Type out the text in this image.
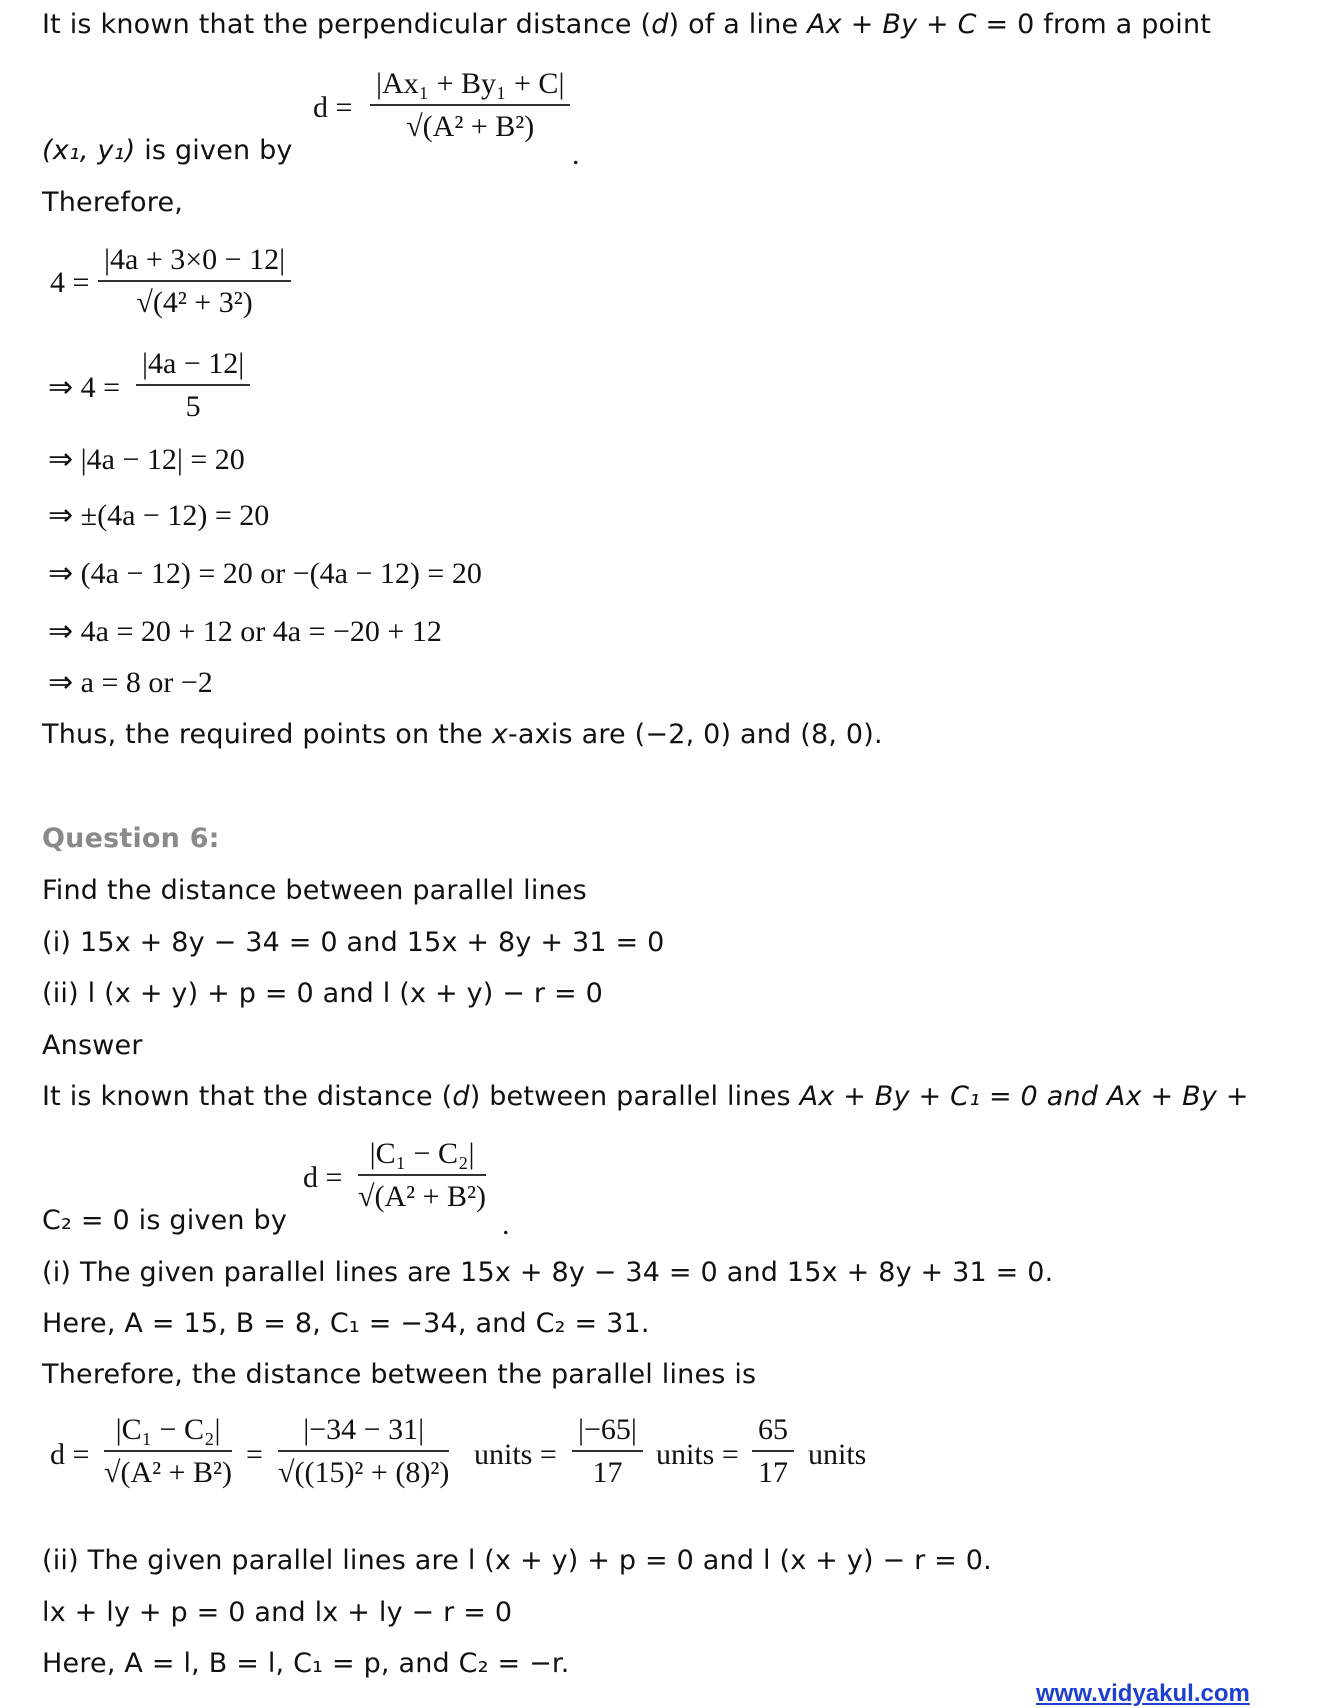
It is known that the perpendicular distance (d) of a line Ax + By + C = 0 from a point
$d = \frac{\text{|Ax₁ + By₁ + C|}}{\text{√(A² + B²)}}$
.
(x₁, y₁) is given by
Therefore,
$4 = \frac{|4a + 3\times 0 - 12|}{\text{√(4² + 3²)}}$
⇒ $4 = \frac{|4a - 12|}{5}$
⇒ |4a − 12| = 20
⇒ ±(4a − 12) = 20
⇒ (4a − 12) = 20 or −(4a − 12) = 20
⇒ 4a = 20 + 12 or 4a = −20 + 12
⇒ a = 8 or −2
Thus, the required points on the x-axis are (−2, 0) and (8, 0).
Question 6:
Find the distance between parallel lines
(i) 15x + 8y − 34 = 0 and 15x + 8y + 31 = 0
(ii) l (x + y) + p = 0 and l (x + y) − r = 0
Answer
It is known that the distance (d) between parallel lines Ax + By + C₁ = 0 and Ax + By +
$d = \frac{\text{|C₁ − C₂|}}{\text{√(A² + B²)}}$
.
C₂ = 0 is given by
(i) The given parallel lines are 15x + 8y − 34 = 0 and 15x + 8y + 31 = 0.
Here, A = 15, B = 8, C₁ = −34, and C₂ = 31.
Therefore, the distance between the parallel lines is
$d = \frac{\text{|C₁ − C₂|}}{\text{√(A² + B²)}} = \frac{|-34 - 31|}{\text{√((15)² + (8)²)}}$ units = $\frac{|-65|}{17}$ units = $\frac{65}{17}$ units
(ii) The given parallel lines are l (x + y) + p = 0 and l (x + y) − r = 0.
lx + ly + p = 0 and lx + ly − r = 0
Here, A = l, B = l, C₁ = p, and C₂ = −r.
www.vidyakul.com
